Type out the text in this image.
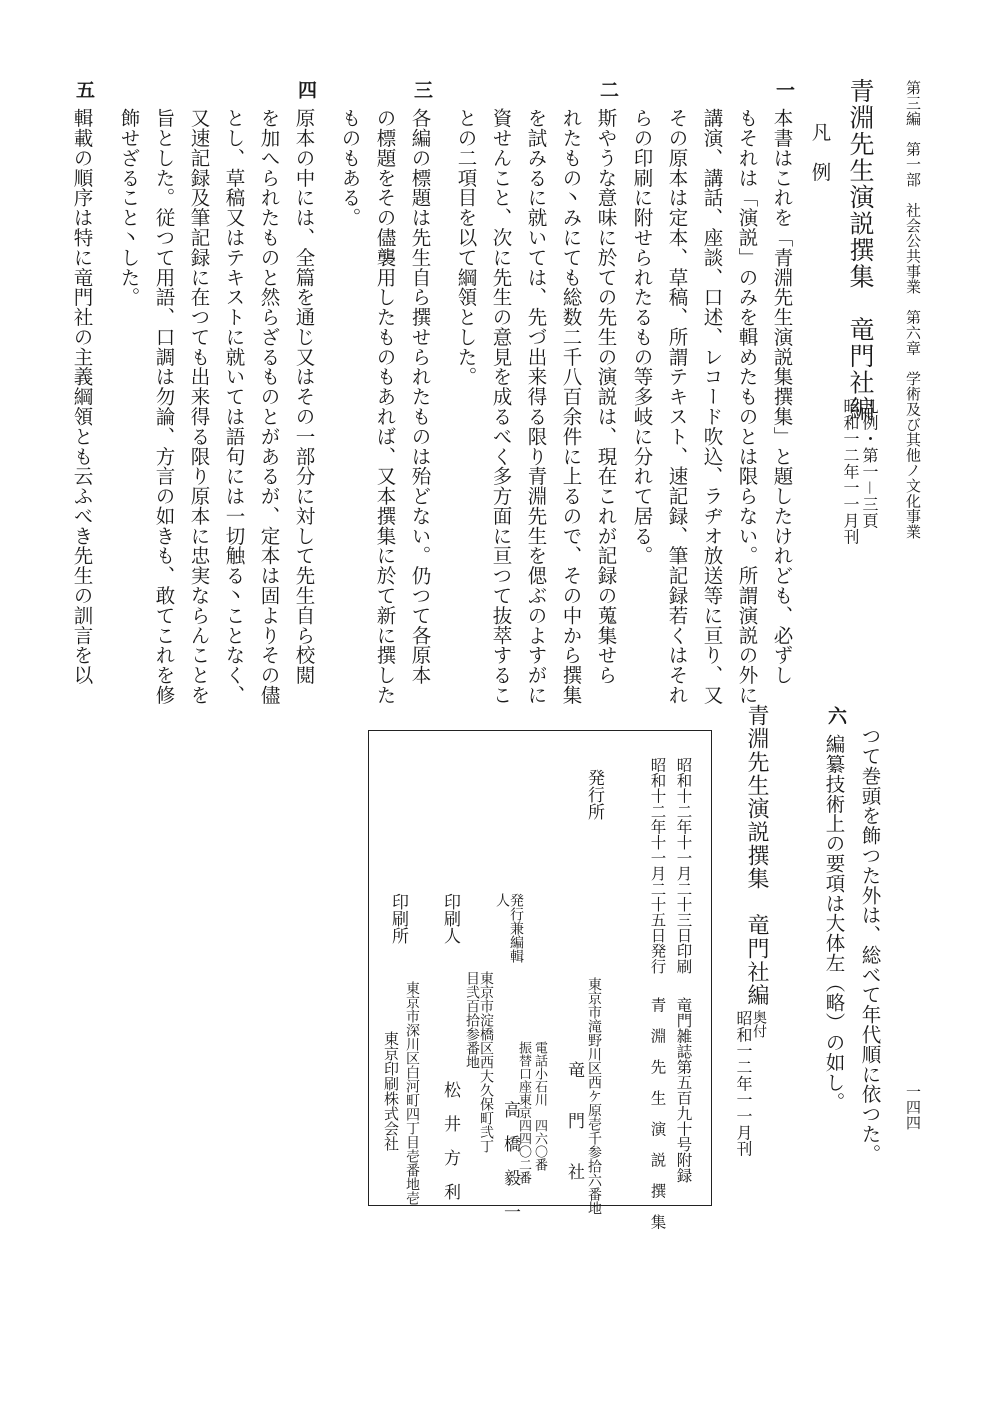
第三編　第一部　社会公共事業　第六章　学術及び其他ノ文化事業
一四四
青淵先生演説撰集　竜門社編
凡例・第一－三頁
昭和一二年一一月刊
凡　例
一
本書はこれを「青淵先生演説集撰集」と題したけれども、必ずし
もそれは「演説」のみを輯めたものとは限らない。所謂演説の外に
講演、講話、座談、口述、レコード吹込、ラヂオ放送等に亘り、又
その原本は定本、草稿、所謂テキスト、速記録、筆記録若くはそれ
らの印刷に附せられたるもの等多岐に分れて居る。
二
斯やうな意味に於ての先生の演説は、現在これが記録の蒐集せら
れたもの丶みにても総数二千八百余件に上るので、その中から撰集
を試みるに就いては、先づ出来得る限り青淵先生を偲ぶのよすがに
資せんこと、次に先生の意見を成るべく多方面に亘つて抜萃するこ
との二項目を以て綱領とした。
三
各編の標題は先生自ら撰せられたものは殆どない。仍つて各原本
の標題をその儘襲用したものもあれば、又本撰集に於て新に撰した
ものもある。
四
原本の中には、全篇を通じ又はその一部分に対して先生自ら校閲
を加へられたものと然らざるものとがあるが、定本は固よりその儘
とし、草稿又はテキストに就いては語句には一切触る丶ことなく、
又速記録及筆記録に在つても出来得る限り原本に忠実ならんことを
旨とした。従つて用語、口調は勿論、方言の如きも、敢てこれを修
飾せざること丶した。
五
輯載の順序は特に竜門社の主義綱領とも云ふべき先生の訓言を以
つて巻頭を飾つた外は、総べて年代順に依つた。
六
編纂技術上の要項は大体左（略）の如し。
青淵先生演説撰集　竜門社編
奥付
昭和一二年一一月刊
昭和十二年十一月二十三日印刷
昭和十二年十一月二十五日発行
竜門雑誌第五百九十号附録
青　淵　先　生　演　説　撰　集
発行所
東京市滝野川区西ケ原壱千参拾六番地
竜　　門　　社
電話小石川　四六〇番
振替口座東京四四〇二番
発行兼編輯人
東京市淀橋区西大久保町弐丁目弐百拾参番地
高　橋　毅　一
印刷人
松　井　方　利
印刷所
東京市深川区白河町四丁目壱番地壱
東京印刷株式会社
